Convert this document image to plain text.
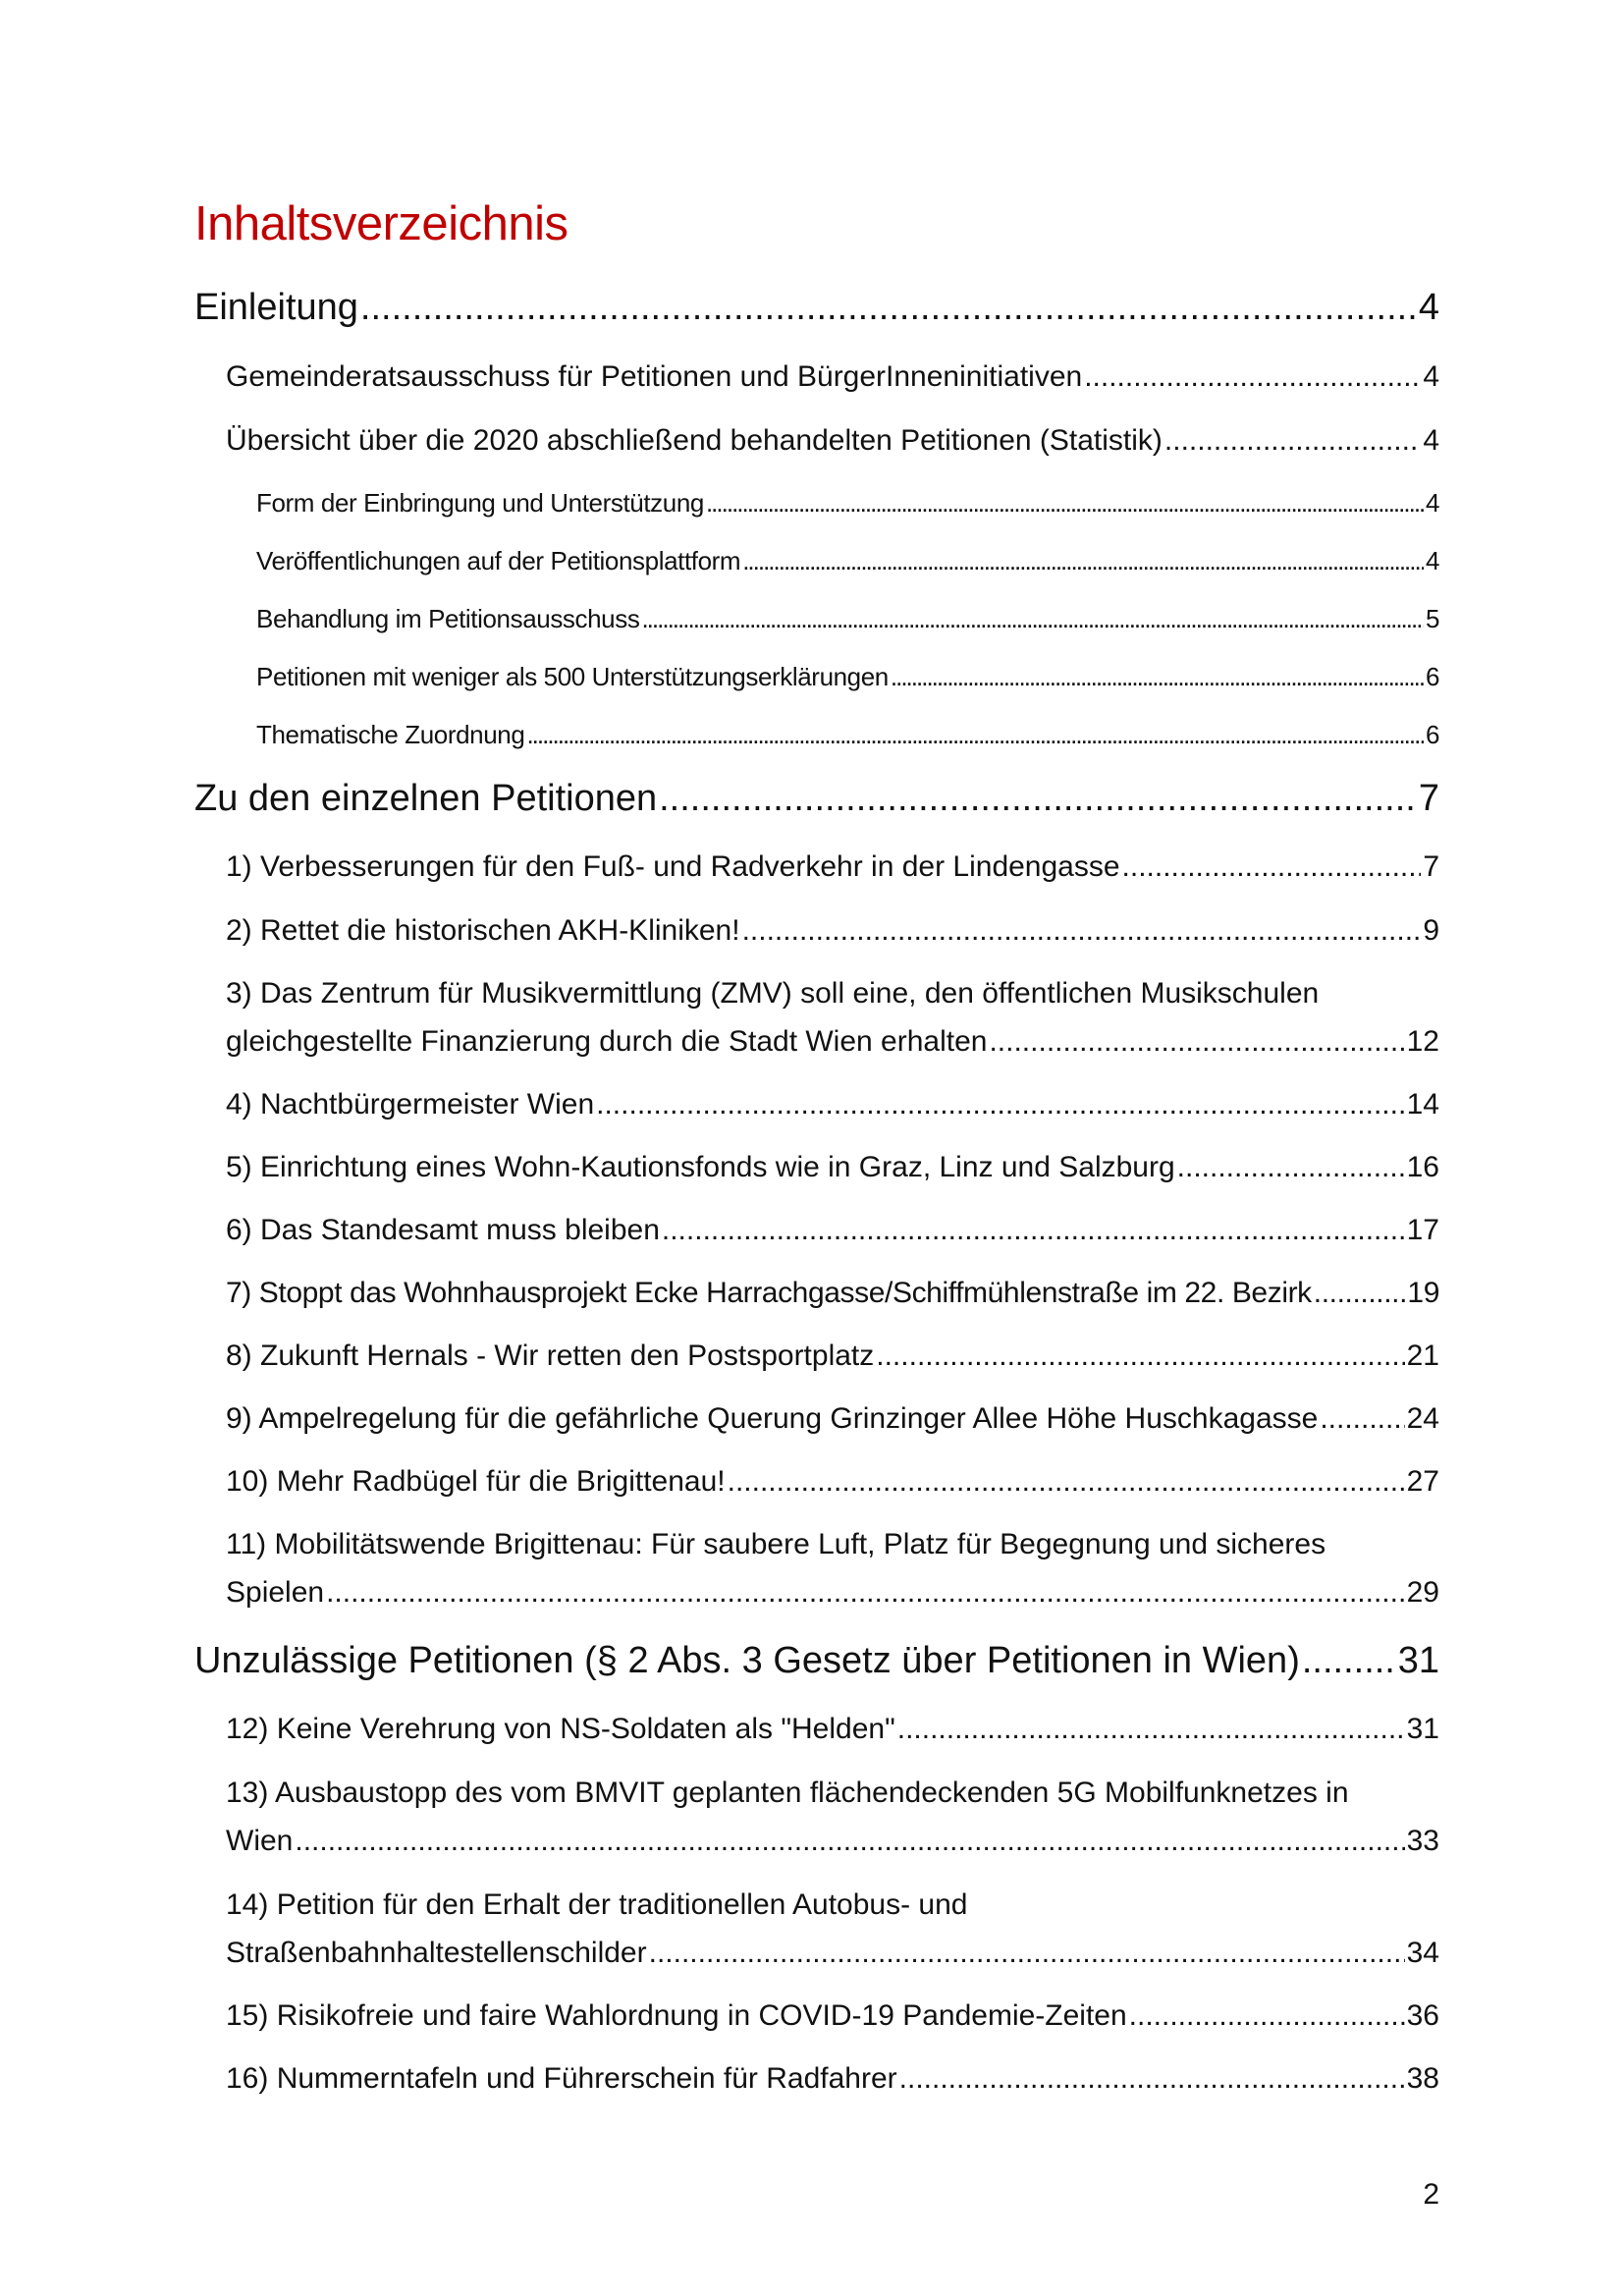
Inhaltsverzeichnis
Einleitung .....	4
Gemeinderatsausschuss für Petitionen und BürgerInneninitiativen .....	4
Übersicht über die 2020 abschließend behandelten Petitionen (Statistik) .....	4
Form der Einbringung und Unterstützung .....	4
Veröffentlichungen auf der Petitionsplattform .....	4
Behandlung im Petitionsausschuss .....	5
Petitionen mit weniger als 500 Unterstützungserklärungen .....	6
Thematische Zuordnung .....	6
Zu den einzelnen Petitionen .....	7
1) Verbesserungen für den Fuß- und Radverkehr in der Lindengasse .....	7
2) Rettet die historischen AKH-Kliniken! .....	9
3) Das Zentrum für Musikvermittlung (ZMV) soll eine, den öffentlichen Musikschulen
gleichgestellte Finanzierung durch die Stadt Wien erhalten .....	12
4) Nachtbürgermeister Wien .....	14
5) Einrichtung eines Wohn-Kautionsfonds wie in Graz, Linz und Salzburg .....	16
6) Das Standesamt muss bleiben .....	17
7) Stoppt das Wohnhausprojekt Ecke Harrachgasse/Schiffmühlenstraße im 22. Bezirk .....	19
8) Zukunft Hernals - Wir retten den Postsportplatz .....	21
9) Ampelregelung für die gefährliche Querung Grinzinger Allee Höhe Huschkagasse .....	24
10) Mehr Radbügel für die Brigittenau! .....	27
11) Mobilitätswende Brigittenau: Für saubere Luft, Platz für Begegnung und sicheres
Spielen .....	29
Unzulässige Petitionen (§ 2 Abs. 3 Gesetz über Petitionen in Wien) .....	31
12) Keine Verehrung von NS-Soldaten als "Helden" .....	31
13) Ausbaustopp des vom BMVIT geplanten flächendeckenden 5G Mobilfunknetzes in
Wien .....	33
14) Petition für den Erhalt der traditionellen Autobus- und
Straßenbahnhaltestellenschilder .....	34
15) Risikofreie und faire Wahlordnung in COVID-19 Pandemie-Zeiten .....	36
16) Nummerntafeln und Führerschein für Radfahrer .....	38
2
